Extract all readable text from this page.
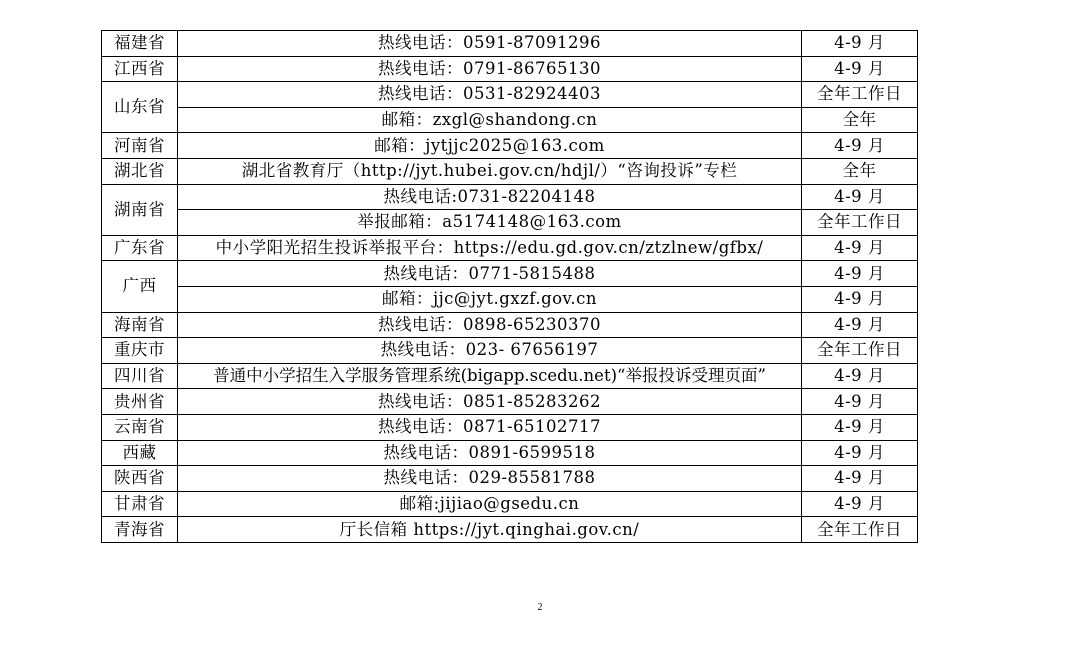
福建省	热线电话：0591-87091296	4-9 月
江西省	热线电话：0791-86765130	4-9 月
山东省	热线电话：0531-82924403	全年工作日
	邮箱：zxgl@shandong.cn	全年
河南省	邮箱：jytjjc2025@163.com	4-9 月
湖北省	湖北省教育厅（http://jyt.hubei.gov.cn/hdjl/）“咨询投诉”专栏	全年
湖南省	热线电话:0731-82204148	4-9 月
	举报邮箱：a5174148@163.com	全年工作日
广东省	中小学阳光招生投诉举报平台：https://edu.gd.gov.cn/ztzlnew/gfbx/	4-9 月
广西	热线电话：0771-5815488	4-9 月
	邮箱：jjc@jyt.gxzf.gov.cn	4-9 月
海南省	热线电话：0898-65230370	4-9 月
重庆市	热线电话：023- 67656197	全年工作日
四川省	普通中小学招生入学服务管理系统(bigapp.scedu.net)“举报投诉受理页面”	4-9 月
贵州省	热线电话：0851-85283262	4-9 月
云南省	热线电话：0871-65102717	4-9 月
西藏	热线电话：0891-6599518	4-9 月
陕西省	热线电话：029-85581788	4-9 月
甘肃省	邮箱:jijiao@gsedu.cn	4-9 月
青海省	厅长信箱 https://jyt.qinghai.gov.cn/	全年工作日
2
